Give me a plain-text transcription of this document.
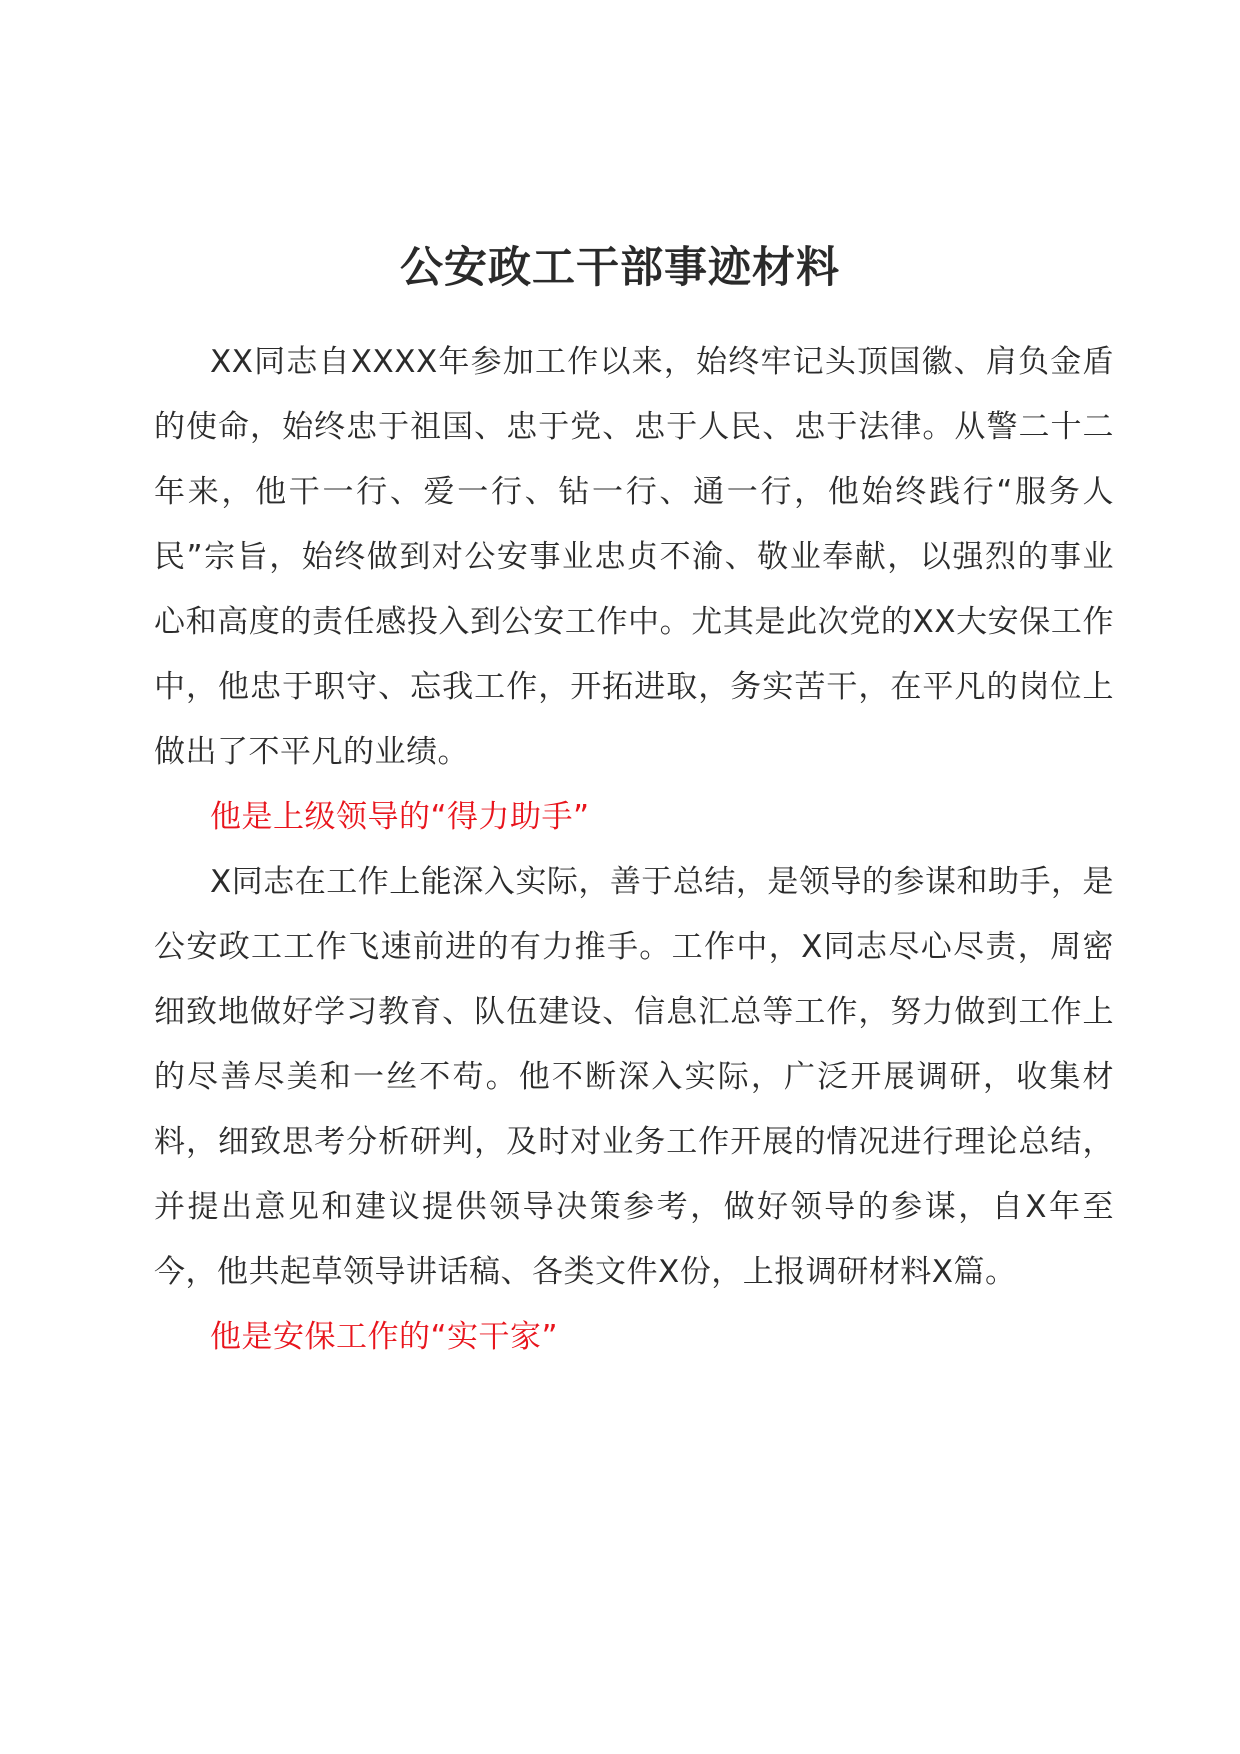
公安政工干部事迹材料

XX同志自XXXX年参加工作以来，始终牢记头顶国徽、肩负金盾的使命，始终忠于祖国、忠于党、忠于人民、忠于法律。从警二十二年来，他干一行、爱一行、钻一行、通一行，他始终践行“服务人民”宗旨，始终做到对公安事业忠贞不渝、敬业奉献，以强烈的事业心和高度的责任感投入到公安工作中。尤其是此次党的XX大安保工作中，他忠于职守、忘我工作，开拓进取，务实苦干，在平凡的岗位上做出了不平凡的业绩。

他是上级领导的“得力助手”

X同志在工作上能深入实际，善于总结，是领导的参谋和助手，是公安政工工作飞速前进的有力推手。工作中，X同志尽心尽责，周密细致地做好学习教育、队伍建设、信息汇总等工作，努力做到工作上的尽善尽美和一丝不苟。他不断深入实际，广泛开展调研，收集材料，细致思考分析研判，及时对业务工作开展的情况进行理论总结，并提出意见和建议提供领导决策参考，做好领导的参谋，自X年至今，他共起草领导讲话稿、各类文件X份，上报调研材料X篇。

他是安保工作的“实干家”
